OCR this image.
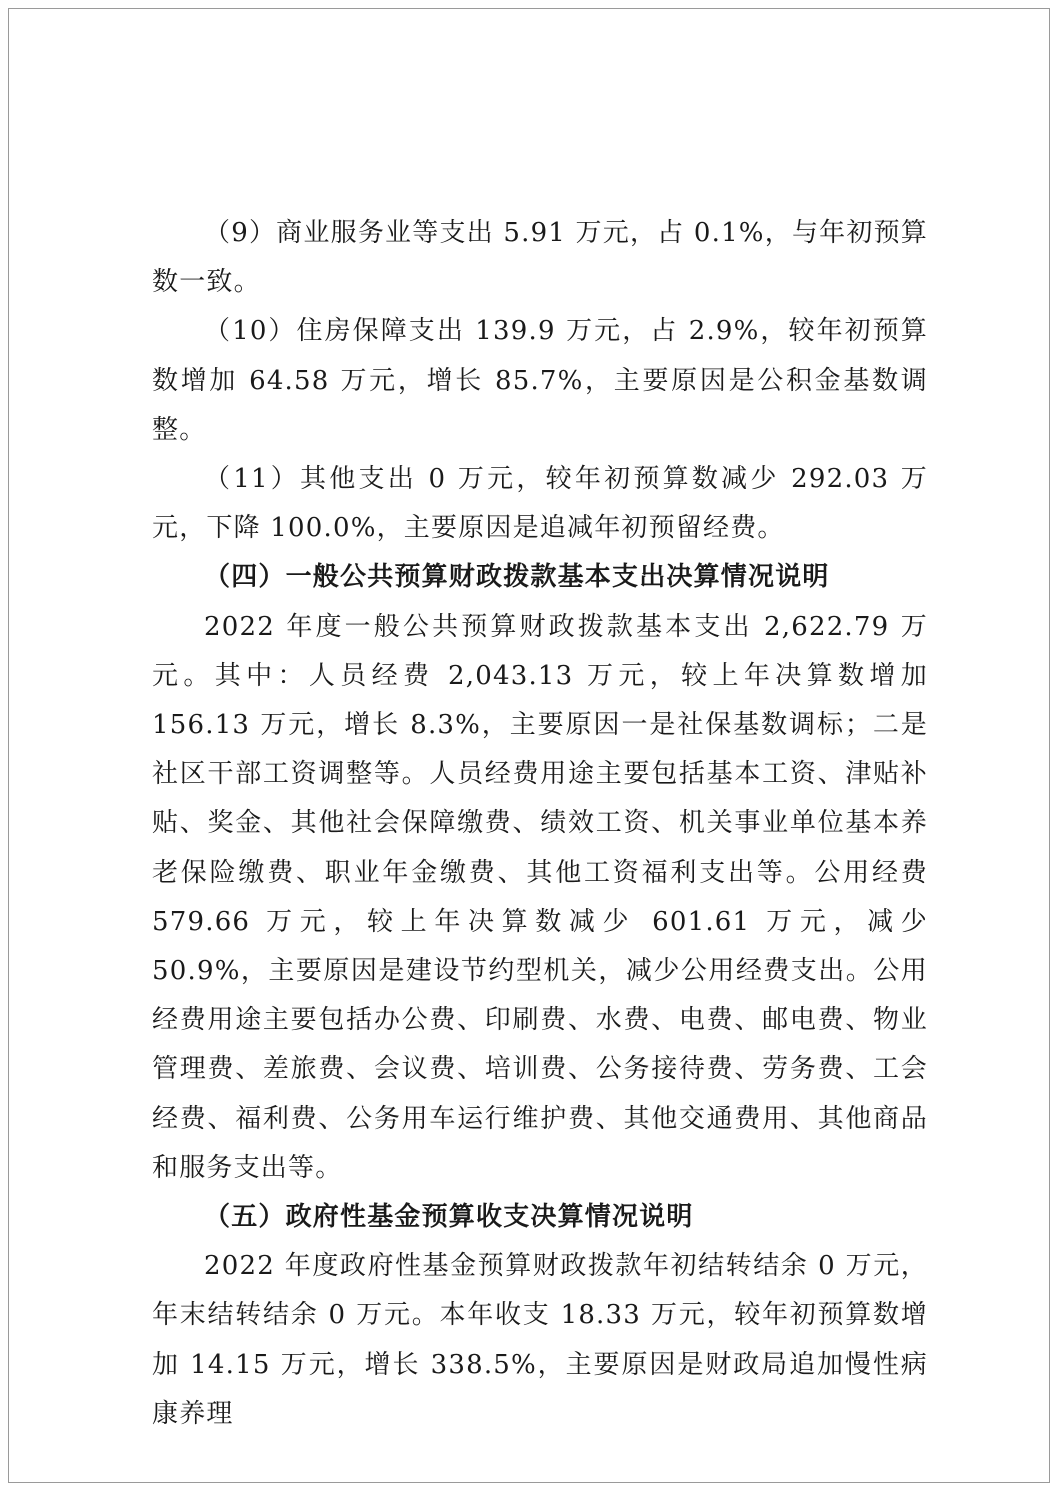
（9）商业服务业等支出 5.91 万元，占 0.1%，与年初预算数一致。

（10）住房保障支出 139.9 万元，占 2.9%，较年初预算数增加 64.58 万元，增长 85.7%，主要原因是公积金基数调整。

（11）其他支出 0 万元，较年初预算数减少 292.03 万元，下降 100.0%，主要原因是追减年初预留经费。

（四）一般公共预算财政拨款基本支出决算情况说明

2022 年度一般公共预算财政拨款基本支出 2,622.79 万元。其中：人员经费 2,043.13 万元，较上年决算数增加 156.13 万元，增长 8.3%，主要原因一是社保基数调标；二是社区干部工资调整等。人员经费用途主要包括基本工资、津贴补贴、奖金、其他社会保障缴费、绩效工资、机关事业单位基本养老保险缴费、职业年金缴费、其他工资福利支出等。公用经费 579.66 万元，较上年决算数减少 601.61 万元，减少 50.9%，主要原因是建设节约型机关，减少公用经费支出。公用经费用途主要包括办公费、印刷费、水费、电费、邮电费、物业管理费、差旅费、会议费、培训费、公务接待费、劳务费、工会经费、福利费、公务用车运行维护费、其他交通费用、其他商品和服务支出等。

（五）政府性基金预算收支决算情况说明

2022 年度政府性基金预算财政拨款年初结转结余 0 万元，年末结转结余 0 万元。本年收支 18.33 万元，较年初预算数增加 14.15 万元，增长 338.5%，主要原因是财政局追加慢性病康养理
